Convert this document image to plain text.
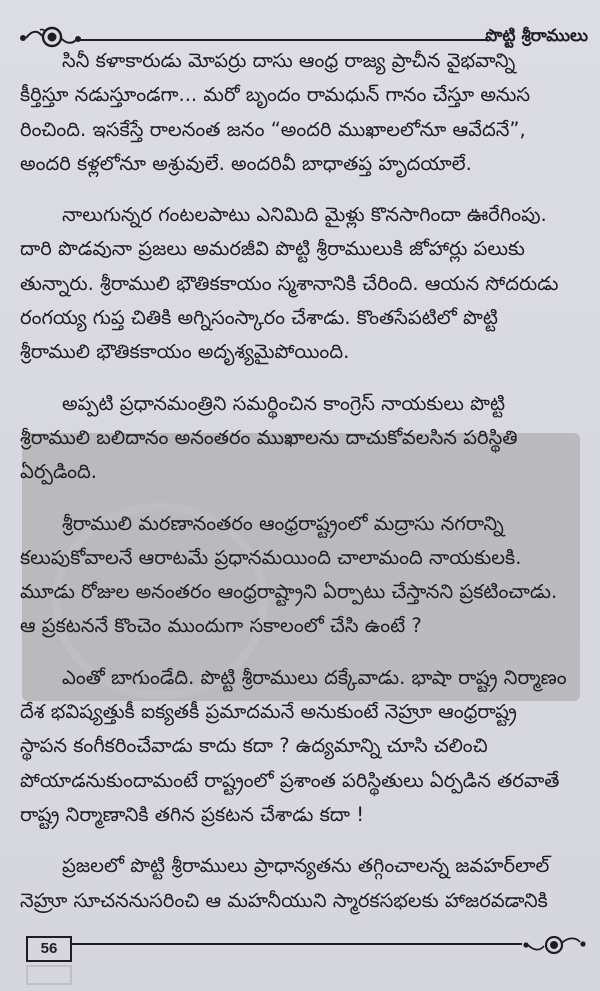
పొట్టి శ్రీరాములు

సినీ కళాకారుడు మోపర్రు దాసు ఆంధ్ర రాజ్య ప్రాచీన వైభవాన్ని
కీర్తిస్తూ నడుస్తూండగా... మరో బృందం రామధున్ గానం చేస్తూ అనుస
రించింది. ఇసకేస్తే రాలనంత జనం “అందరి ముఖాలలోనూ ఆవేదనే”,
అందరి కళ్లలోనూ అశ్రువులే. అందరివీ బాధాతప్త హృదయాలే.

నాలుగున్నర గంటలపాటు ఎనిమిది మైళ్లు కొనసాగిందా ఊరేగింపు.
దారి పొడవునా ప్రజలు అమరజీవి పొట్టి శ్రీరాములుకి జోహార్లు పలుకు
తున్నారు. శ్రీరాములి భౌతికకాయం స్మశానానికి చేరింది. ఆయన సోదరుడు
రంగయ్య గుప్త చితికి అగ్నిసంస్కారం చేశాడు. కొంతసేపటిలో పొట్టి
శ్రీరాములి భౌతికకాయం అదృశ్యమైపోయింది.

అప్పటి ప్రధానమంత్రిని సమర్థించిన కాంగ్రెస్ నాయకులు పొట్టి
శ్రీరాములి బలిదానం అనంతరం ముఖాలను దాచుకోవలసిన పరిస్థితి
ఏర్పడింది.

శ్రీరాములి మరణానంతరం ఆంధ్రరాష్ట్రంలో మద్రాసు నగరాన్ని
కలుపుకోవాలనే ఆరాటమే ప్రధానమయింది చాలామంది నాయకులకి.
మూడు రోజుల అనంతరం ఆంధ్రరాష్ట్రాని ఏర్పాటు చేస్తానని ప్రకటించాడు.
ఆ ప్రకటననే కొంచెం ముందుగా సకాలంలో చేసి ఉంటే ?

ఎంతో బాగుండేది. పొట్టి శ్రీరాములు దక్కేవాడు. భాషా రాష్ట్ర నిర్మాణం
దేశ భవిష్యత్తుకీ ఐక్యతకీ ప్రమాదమనే అనుకుంటే నెహ్రూ ఆంధ్రరాష్ట్ర
స్థాపన కంగీకరించేవాడు కాదు కదా ? ఉద్యమాన్ని చూసి చలించి
పోయాడనుకుందామంటే రాష్ట్రంలో ప్రశాంత పరిస్థితులు ఏర్పడిన తరవాతే
రాష్ట్ర నిర్మాణానికి తగిన ప్రకటన చేశాడు కదా !

ప్రజలలో పొట్టి శ్రీరాములు ప్రాధాన్యతను తగ్గించాలన్న జవహర్‌లాల్
నెహ్రూ సూచననుసరించి ఆ మహనీయుని స్మారకసభలకు హాజరవడానికి

56
